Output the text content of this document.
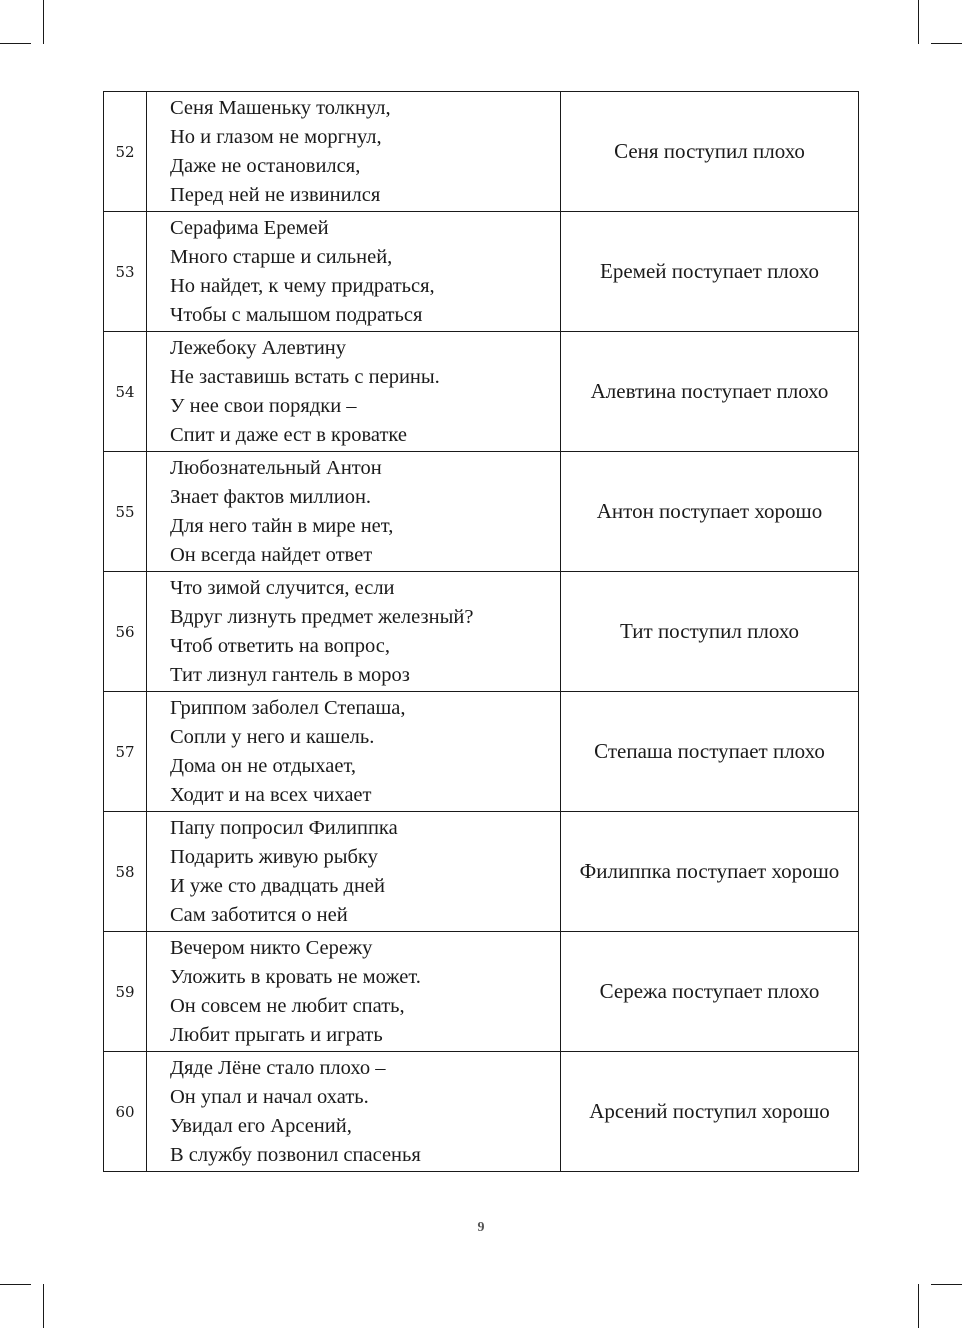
52	Сеня Машеньку толкнул,
Но и глазом не моргнул,
Даже не остановился,
Перед ней не извинился	Сеня поступил плохо
53	Серафима Еремей
Много старше и сильней,
Но найдет, к чему придраться,
Чтобы с малышом подраться	Еремей поступает плохо
54	Лежебоку Алевтину
Не заставишь встать с перины.
У нее свои порядки –
Спит и даже ест в кроватке	Алевтина поступает плохо
55	Любознательный Антон
Знает фактов миллион.
Для него тайн в мире нет,
Он всегда найдет ответ	Антон поступает хорошо
56	Что зимой случится, если
Вдруг лизнуть предмет железный?
Чтоб ответить на вопрос,
Тит лизнул гантель в мороз	Тит поступил плохо
57	Гриппом заболел Степаша,
Сопли у него и кашель.
Дома он не отдыхает,
Ходит и на всех чихает	Степаша поступает плохо
58	Папу попросил Филиппка
Подарить живую рыбку
И уже сто двадцать дней
Сам заботится о ней	Филиппка поступает хорошо
59	Вечером никто Сережу
Уложить в кровать не может.
Он совсем не любит спать,
Любит прыгать и играть	Сережа поступает плохо
60	Дяде Лёне стало плохо –
Он упал и начал охать.
Увидал его Арсений,
В службу позвонил спасенья	Арсений поступил хорошо
9
